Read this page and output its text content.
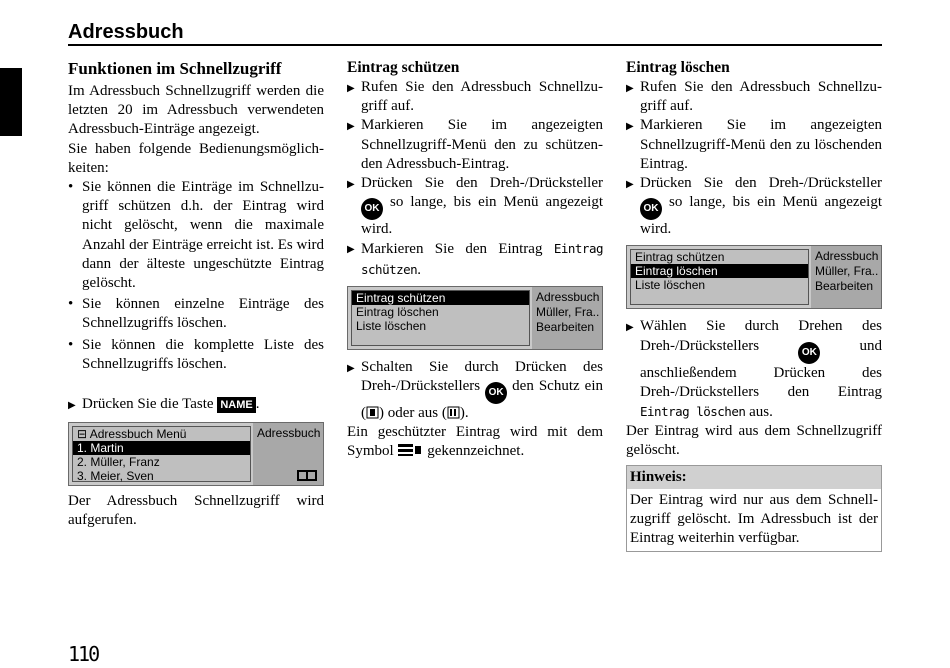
Adressbuch
Funktionen im Schnellzugriff

Im Adressbuch Schnellzugriff werden die letzten 20 im Adressbuch verwendeten Adressbuch-Einträge angezeigt.

Sie haben folgende Bedienungsmöglichkeiten:

• Sie können die Einträge im Schnellzugriff schützen d.h. der Eintrag wird nicht gelöscht, wenn die maximale Anzahl der Einträge erreicht ist. Es wird dann der älteste ungeschützte Eintrag gelöscht.
• Sie können einzelne Einträge des Schnellzugriffs löschen.
• Sie können die komplette Liste des Schnellzugriffs löschen.

▶ Drücken Sie die Taste NAME .

⊟ Adressbuch Menü
1. Martin
2. Müller, Franz
3. Meier, Sven
Adressbuch

Der Adressbuch Schnellzugriff wird aufgerufen.

Eintrag schützen

▶ Rufen Sie den Adressbuch Schnellzugriff auf.

▶ Markieren Sie im angezeigten Schnellzugriff-Menü den zu schützenden Adressbuch-Eintrag.

▶ Drücken Sie den Dreh-/Drücksteller OK so lange, bis ein Menü angezeigt wird.

▶ Markieren Sie den Eintrag Eintrag schützen.

Eintrag schützen
Eintrag löschen
Liste löschen
Adressbuch
Müller, Fra..
Bearbeiten

▶ Schalten Sie durch Drücken des Dreh-/Drückstellers OK den Schutz ein ( ) oder aus ( ).

Ein geschützter Eintrag wird mit dem Symbol gekennzeichnet.

Eintrag löschen

▶ Rufen Sie den Adressbuch Schnellzugriff auf.

▶ Markieren Sie im angezeigten Schnellzugriff-Menü den zu löschenden Eintrag.

▶ Drücken Sie den Dreh-/Drücksteller OK so lange, bis ein Menü angezeigt wird.

Eintrag schützen
Eintrag löschen
Liste löschen
Adressbuch
Müller, Fra..
Bearbeiten

▶ Wählen Sie durch Drehen des Dreh-/Drückstellers	OK	und anschließendem Drücken des Dreh-/Drückstellers den Eintrag Eintrag löschen aus.

Der Eintrag wird aus dem Schnellzugriff gelöscht.

Hinweis:
Der Eintrag wird nur aus dem Schnellzugriff gelöscht. Im Adressbuch ist der Eintrag weiterhin verfügbar.
110
